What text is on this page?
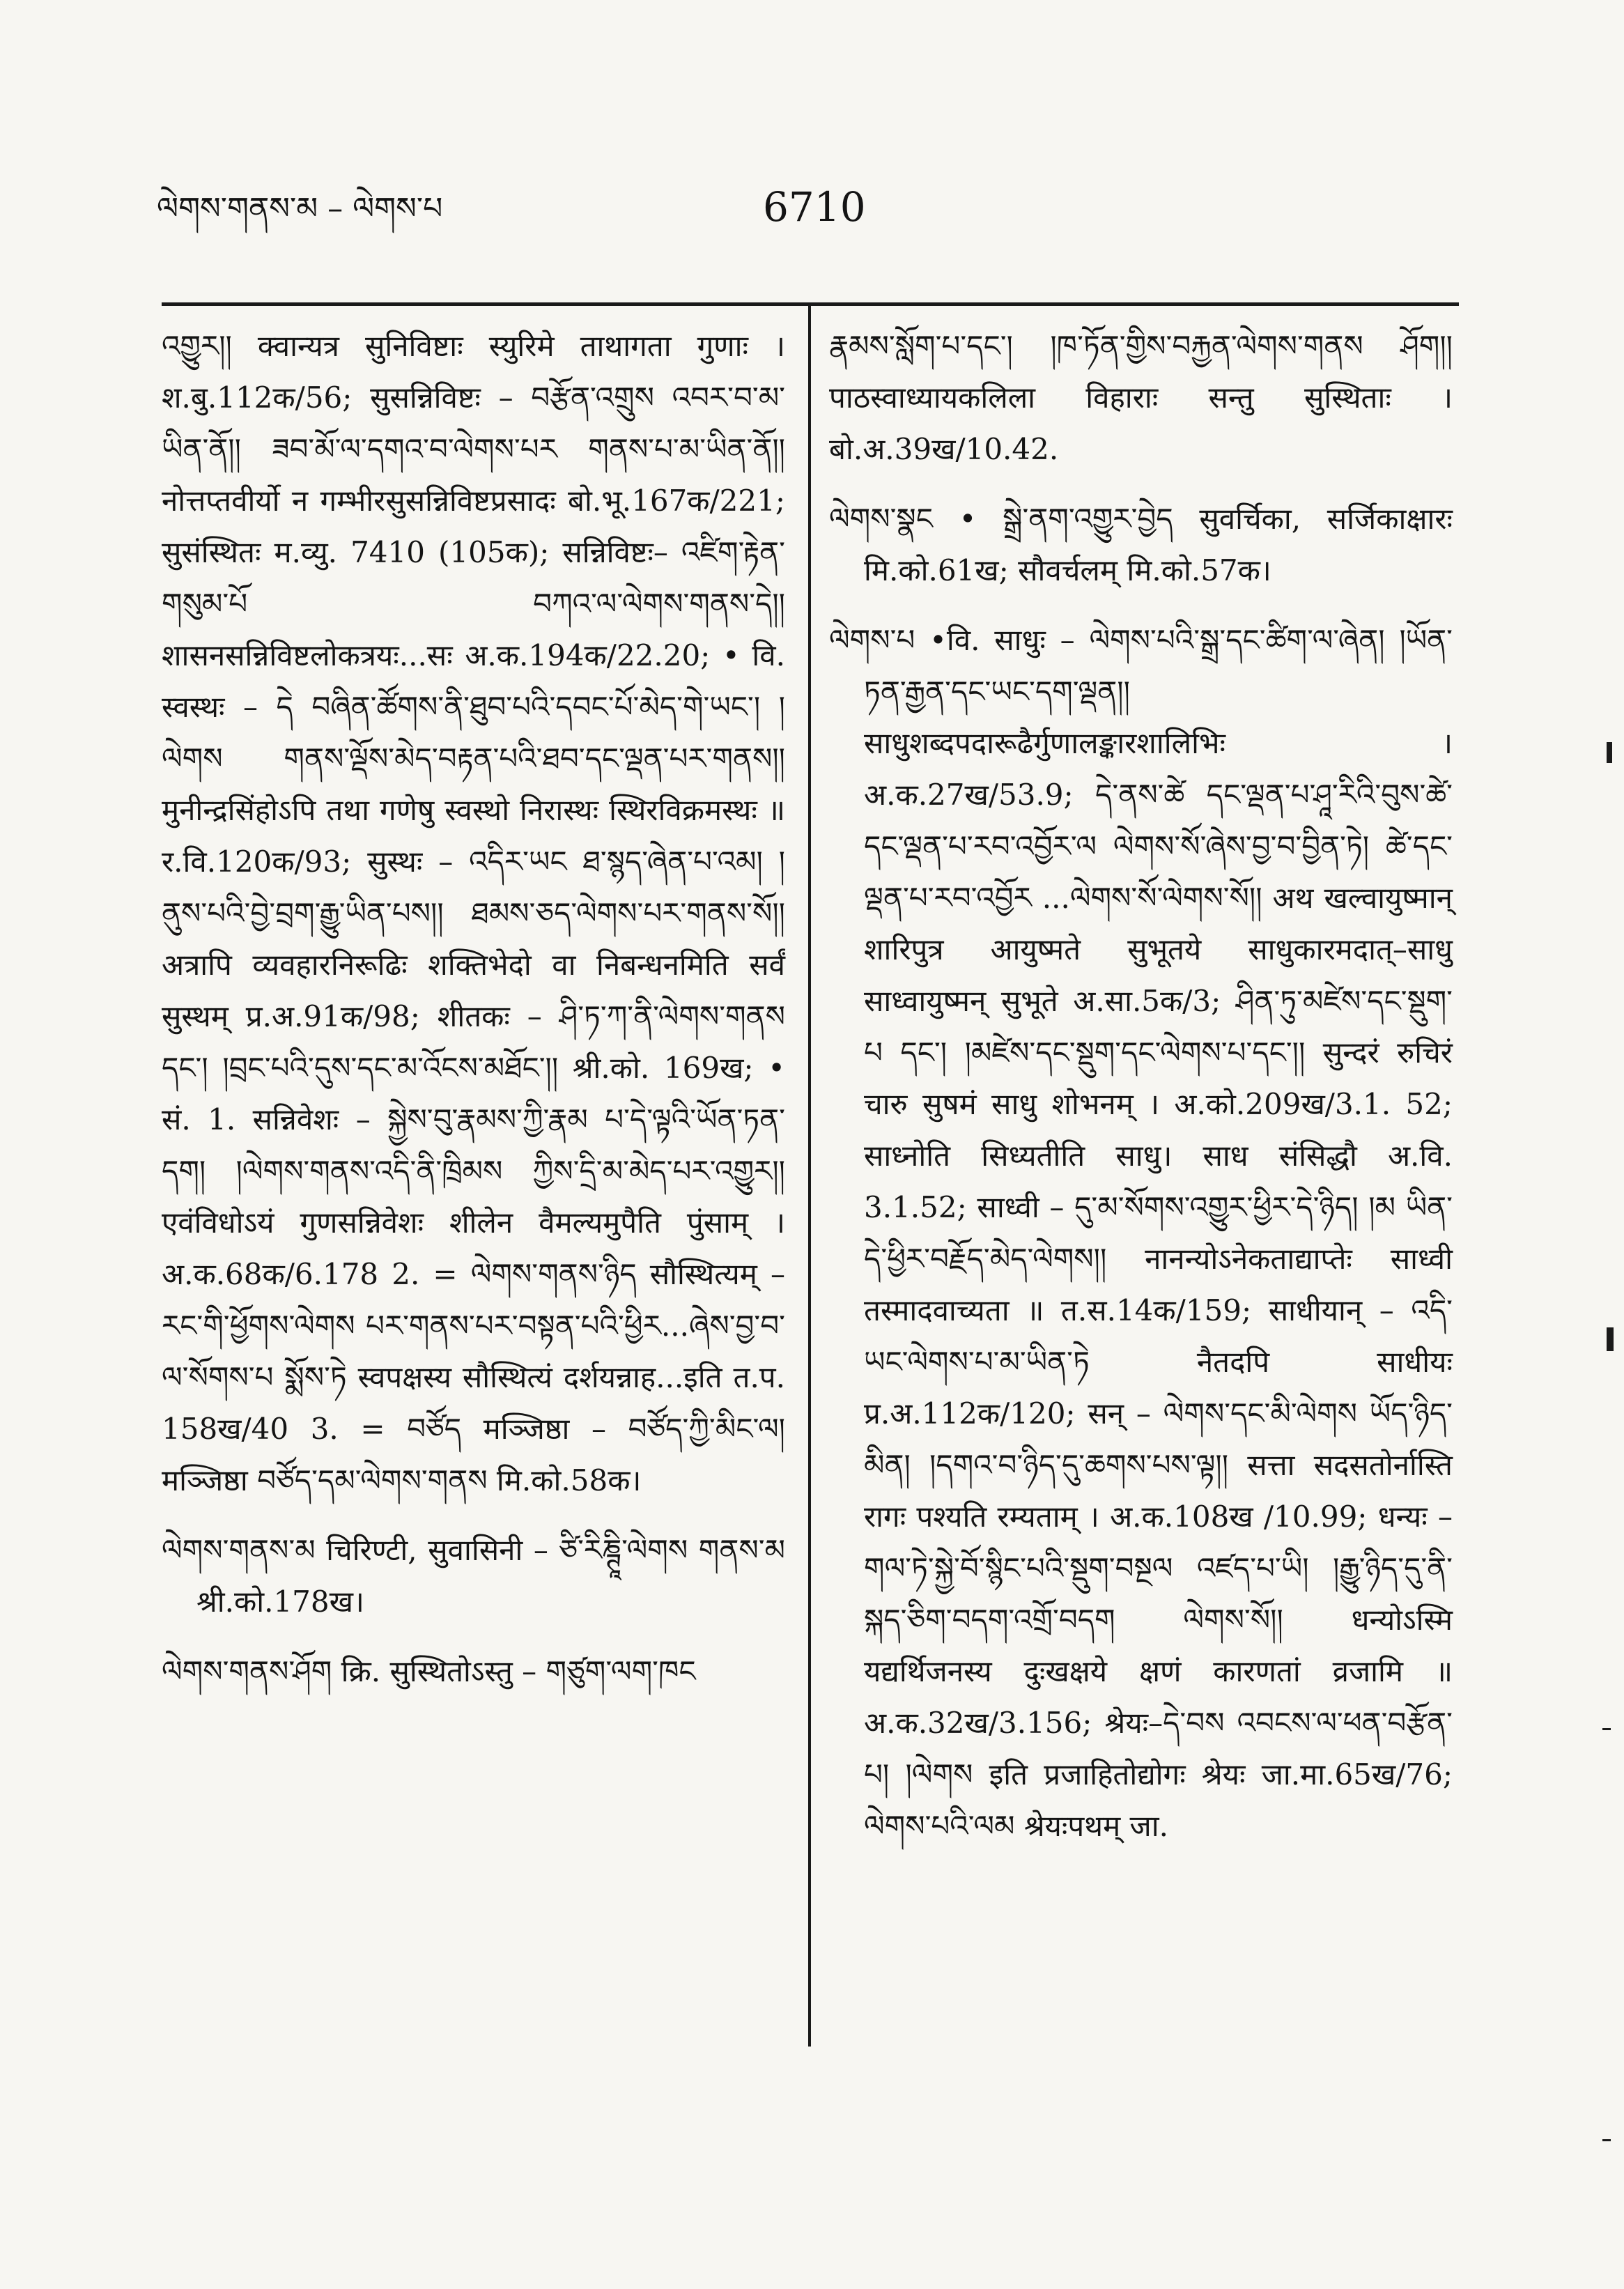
ལེགས་གནས་མ – ལེགས་པ	6710

འགྱུར།། क्वान्यत्र सुनिविष्टाः स्युरिमे ताथागता गुणाः । श.बु.112क/56; सुसन्निविष्टः – བརྩོན་འགྲུས འབར་བ་མ་ཡིན་ནོ།། ཟབ་མོ་ལ་དགའ་བ་ལེགས་པར གནས་པ་མ་ཡིན་ནོ།། नोत्तप्तवीर्यो न गम्भीरसुसन्निविष्टप्रसादः बो.भू.167क/221; सुसंस्थितः म.व्यु. 7410 (105क); सन्निविष्टः– འཛིག་རྟེན་གསུམ་པོ བཀའ་ལ་ལེགས་གནས་དེ།། शासनसन्निविष्टलोकत्रयः...सः अ.क.194क/22.20; • वि. स्वस्थः – དེ བཞིན་ཚོགས་ནི་ཐུབ་པའི་དབང་པོ་མེད་གེ་ཡང་། །ལེགས གནས་ལྡོས་མེད་བརྟན་པའི་ཐབ་དང་ལྡན་པར་གནས།། मुनीन्द्रसिंहोऽपि तथा गणेषु स्वस्थो निरास्थः स्थिरविक्रमस्थः ॥ र.वि.120क/93; सुस्थः – འདིར་ཡང ཐ་སྙད་ཞེན་པ་འམ། །ནུས་པའི་བྱེ་བྲག་རྒྱུ་ཡིན་པས།། ཐམས་ཅད་ལེགས་པར་གནས་སོ།། अत्रापि व्यवहारनिरूढिः शक्तिभेदो वा निबन्धनमिति सर्वं सुस्थम् प्र.अ.91क/98; शीतकः – ཤི་ཏ་ཀ་ནི་ལེགས་གནས དང་། །བྲང་པའི་དུས་དང་མ་འོངས་མཐོང་།། श्री.को. 169ख; • सं. 1. सन्निवेशः – སྐྱེས་བུ་རྣམས་ཀྱི་རྣམ པ་དེ་ལྟའི་ཡོན་ཏན་དག། །ལེགས་གནས་འདི་ནི་ཁྲིམས ཀྱིས་དྲི་མ་མེད་པར་འགྱུར།། एवंविधोऽयं गुणसन्निवेशः शीलेन वैमल्यमुपैति पुंसाम् । अ.क.68क/6.178 2. = ལེགས་གནས་ཉིད सौस्थित्यम् – རང་གི་ཕྱོགས་ལེགས པར་གནས་པར་བསྟན་པའི་ཕྱིར...ཞེས་བྱ་བ་ལ་སོགས་པ སྨོས་ཏེ स्वपक्षस्य सौस्थित्यं दर्शयन्नाह...इति त.प. 158ख/40 3. = བཙོད मञ्जिष्ठा – བཙོད་ཀྱི་མིང་ལ། मञ्जिष्ठा བཙོད་དམ་ལེགས་གནས मि.को.58क।

ལེགས་གནས་མ चिरिण्टी, सुवासिनी – ཙི་རིཎྚཱི་ལེགས གནས་མ श्री.को.178ख।

ལེགས་གནས་ཤོག क्रि. सुस्थितोऽस्तु – གཙུག་ལག་ཁང

རྣམས་སློག་པ་དང་། །ཁ་ཏོན་གྱིས་བརྐྱན་ལེགས་གནས ཤོག།། पाठस्वाध्यायकलिला विहाराः सन्तु सुस्थिताः । बो.अ.39ख/10.42.

ལེགས་སྣང • སྒྲེ་ནག་འགྱུར་བྱེད सुवर्चिका, सर्जिकाक्षारः मि.को.61ख; सौवर्चलम् मि.को.57क।

ལེགས་པ •वि. साधुः – ལེགས་པའི་སྒྲ་དང་ཚིག་ལ་ཞེན། །ཡོན་ཏན་རྒྱན་དང་ཡང་དག་ལྡན།། साधुशब्दपदारूढैर्गुणालङ्कारशालिभिः । अ.क.27ख/53.9; དེ་ནས་ཚེ དང་ལྡན་པ་ཤཱ་རིའི་བུས་ཚེ་དང་ལྡན་པ་རབ་འབྱོར་ལ ལེགས་སོ་ཞེས་བྱ་བ་བྱིན་ཏེ། ཚེ་དང་ལྡན་པ་རབ་འབྱོར ...ལེགས་སོ་ལེགས་སོ།། अथ खल्वायुष्मान् शारिपुत्र आयुष्मते सुभूतये साधुकारमदात्–साधु साध्वायुष्मन् सुभूते अ.सा.5क/3; ཤིན་ཏུ་མཛེས་དང་སྡུག་པ དང་། །མཛེས་དང་སྡུག་དང་ལེགས་པ་དང་།། सुन्दरं रुचिरं चारु सुषमं साधु शोभनम् । अ.को.209ख/3.1. 52; साध्नोति सिध्यतीति साधु। साध संसिद्धौ अ.वि. 3.1.52; साध्वी – དུ་མ་སོགས་འགྱུར་ཕྱིར་དེ་ཉིད། །མ ཡིན་དེ་ཕྱིར་བརྗོད་མེད་ལེགས།། नानन्योऽनेकताद्याप्तेः साध्वी तस्मादवाच्यता ॥ त.स.14क/159; साधीयान् – འདི་ཡང་ལེགས་པ་མ་ཡིན་ཏེ नैतदपि साधीयः प्र.अ.112क/120; सन् – ལེགས་དང་མི་ལེགས ཡོད་ཉིད་མིན། །དགའ་བ་ཉིད་དུ་ཆགས་པས་ལྟ།། सत्ता सदसतोर्नास्ति रागः पश्यति रम्यताम् । अ.क.108ख /10.99; धन्यः – གལ་ཏེ་སྐྱེ་བོ་སྙིང་པའི་སྡུག་བསྔལ འཛད་པ་ཡི། །རྒྱུ་ཉིད་དུ་ནི་སྐད་ཅིག་བདག་འགྲོ་བདག ལེགས་སོ།། धन्योऽस्मि यद्यर्थिजनस्य दुःखक्षये क्षणं कारणतां व्रजामि ॥ अ.क.32ख/3.156; श्रेयः–དེ་བས འབངས་ལ་ཕན་བརྩོན་པ། །ལེགས इति प्रजाहितोद्योगः श्रेयः जा.मा.65ख/76; ལེགས་པའི་ལམ श्रेयःपथम् जा.
